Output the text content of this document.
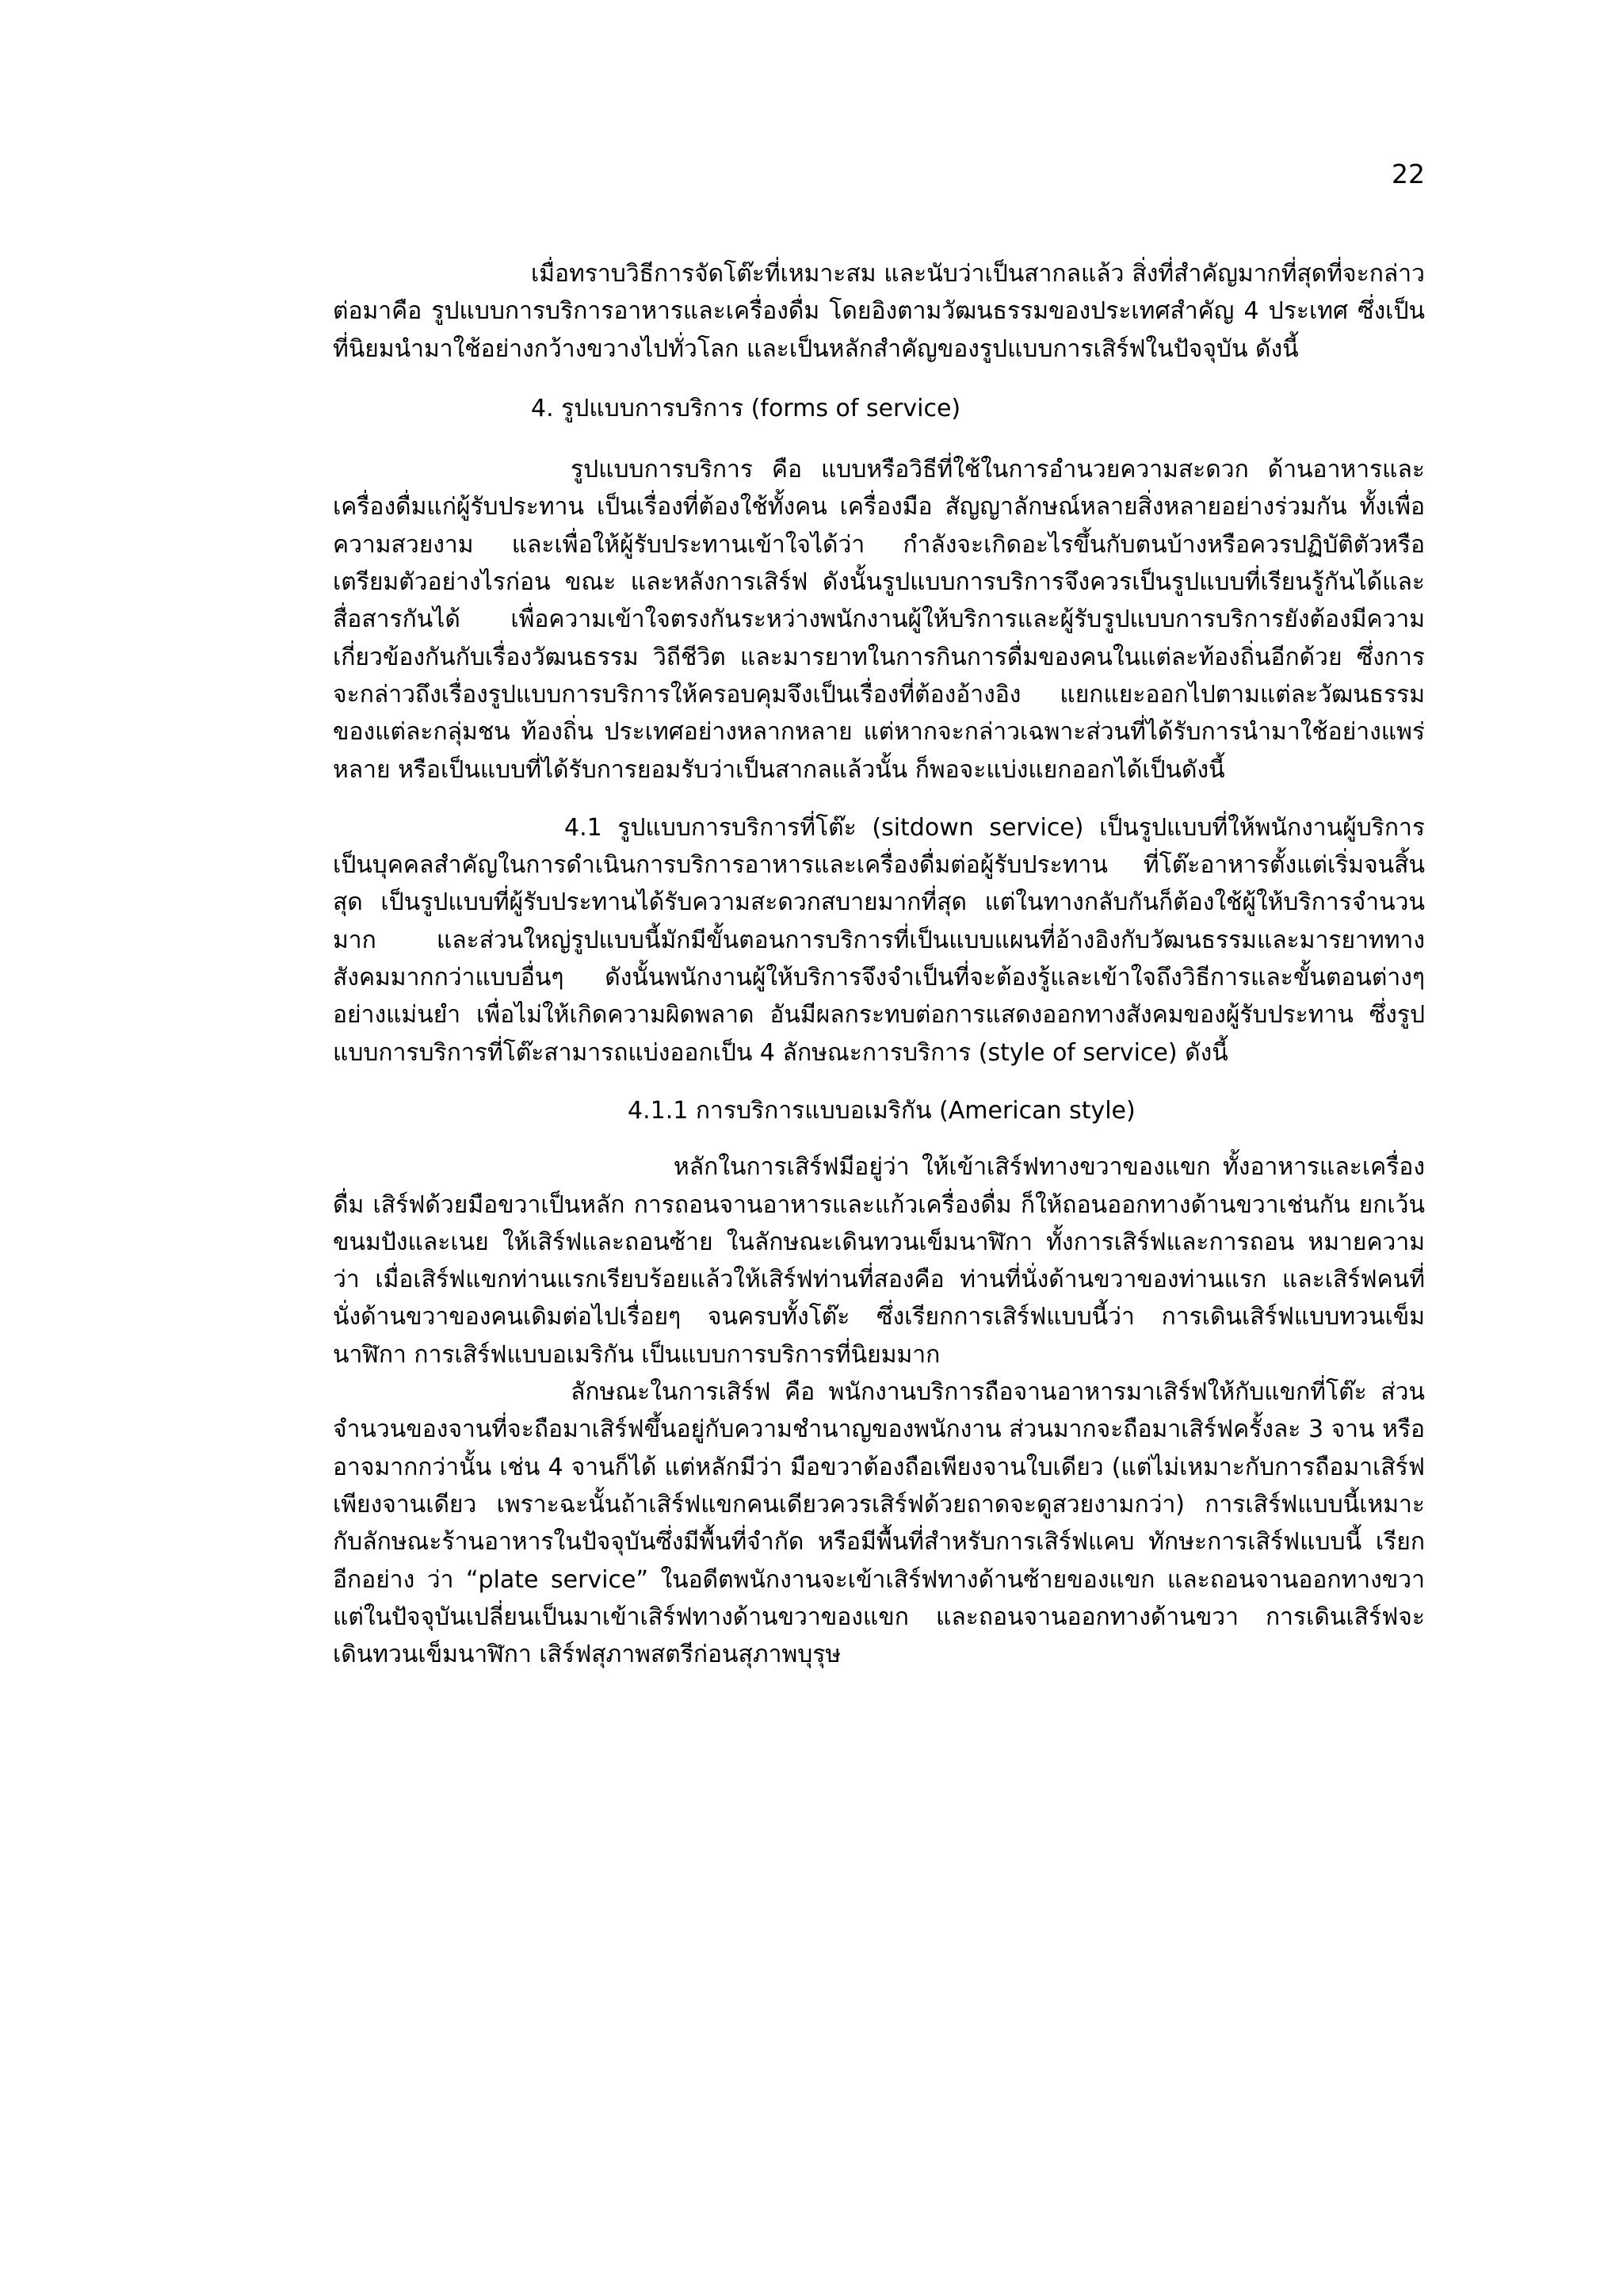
22

เมื่อทราบวิธีการจัดโต๊ะที่เหมาะสม และนับว่าเป็นสากลแล้ว สิ่งที่สำคัญมากที่สุดที่จะกล่าวต่อมาคือ รูปแบบการบริการอาหารและเครื่องดื่ม โดยอิงตามวัฒนธรรมของประเทศสำคัญ 4 ประเทศ ซึ่งเป็นที่นิยมนำมาใช้อย่างกว้างขวางไปทั่วโลก และเป็นหลักสำคัญของรูปแบบการเสิร์ฟในปัจจุบัน ดังนี้

4. รูปแบบการบริการ (forms of service)

รูปแบบการบริการ คือ แบบหรือวิธีที่ใช้ในการอำนวยความสะดวก ด้านอาหารและเครื่องดื่มแก่ผู้รับประทาน เป็นเรื่องที่ต้องใช้ทั้งคน เครื่องมือ สัญญาลักษณ์หลายสิ่งหลายอย่างร่วมกัน ทั้งเพื่อความสวยงาม และเพื่อให้ผู้รับประทานเข้าใจได้ว่า กำลังจะเกิดอะไรขึ้นกับตนบ้างหรือควรปฏิบัติตัวหรือเตรียมตัวอย่างไรก่อน ขณะ และหลังการเสิร์ฟ ดังนั้นรูปแบบการบริการจึงควรเป็นรูปแบบที่เรียนรู้กันได้และสื่อสารกันได้ เพื่อความเข้าใจตรงกันระหว่างพนักงานผู้ให้บริการและผู้รับรูปแบบการบริการยังต้องมีความเกี่ยวข้องกันกับเรื่องวัฒนธรรม วิถีชีวิต และมารยาทในการกินการดื่มของคนในแต่ละท้องถิ่นอีกด้วย ซึ่งการจะกล่าวถึงเรื่องรูปแบบการบริการให้ครอบคุมจึงเป็นเรื่องที่ต้องอ้างอิง แยกแยะออกไปตามแต่ละวัฒนธรรมของแต่ละกลุ่มชน ท้องถิ่น ประเทศอย่างหลากหลาย แต่หากจะกล่าวเฉพาะส่วนที่ได้รับการนำมาใช้อย่างแพร่หลาย หรือเป็นแบบที่ได้รับการยอมรับว่าเป็นสากลแล้วนั้น ก็พอจะแบ่งแยกออกได้เป็นดังนี้

4.1 รูปแบบการบริการที่โต๊ะ (sitdown service) เป็นรูปแบบที่ให้พนักงานผู้บริการเป็นบุคคลสำคัญในการดำเนินการบริการอาหารและเครื่องดื่มต่อผู้รับประทาน ที่โต๊ะอาหารตั้งแต่เริ่มจนสิ้นสุด เป็นรูปแบบที่ผู้รับประทานได้รับความสะดวกสบายมากที่สุด แต่ในทางกลับกันก็ต้องใช้ผู้ให้บริการจำนวนมาก และส่วนใหญ่รูปแบบนี้มักมีขั้นตอนการบริการที่เป็นแบบแผนที่อ้างอิงกับวัฒนธรรมและมารยาททางสังคมมากกว่าแบบอื่นๆ ดังนั้นพนักงานผู้ให้บริการจึงจำเป็นที่จะต้องรู้และเข้าใจถึงวิธีการและขั้นตอนต่างๆ อย่างแม่นยำ เพื่อไม่ให้เกิดความผิดพลาด อันมีผลกระทบต่อการแสดงออกทางสังคมของผู้รับประทาน ซึ่งรูปแบบการบริการที่โต๊ะสามารถแบ่งออกเป็น 4 ลักษณะการบริการ (style of service) ดังนี้

4.1.1 การบริการแบบอเมริกัน (American style)

หลักในการเสิร์ฟมีอยู่ว่า ให้เข้าเสิร์ฟทางขวาของแขก ทั้งอาหารและเครื่องดื่ม เสิร์ฟด้วยมือขวาเป็นหลัก การถอนจานอาหารและแก้วเครื่องดื่ม ก็ให้ถอนออกทางด้านขวาเช่นกัน ยกเว้นขนมปังและเนย ให้เสิร์ฟและถอนซ้าย ในลักษณะเดินทวนเข็มนาฬิกา ทั้งการเสิร์ฟและการถอน หมายความว่า เมื่อเสิร์ฟแขกท่านแรกเรียบร้อยแล้วให้เสิร์ฟท่านที่สองคือ ท่านที่นั่งด้านขวาของท่านแรก และเสิร์ฟคนที่นั่งด้านขวาของคนเดิมต่อไปเรื่อยๆ จนครบทั้งโต๊ะ ซึ่งเรียกการเสิร์ฟแบบนี้ว่า การเดินเสิร์ฟแบบทวนเข็มนาฬิกา การเสิร์ฟแบบอเมริกัน เป็นแบบการบริการที่นิยมมาก

ลักษณะในการเสิร์ฟ คือ พนักงานบริการถือจานอาหารมาเสิร์ฟให้กับแขกที่โต๊ะ ส่วนจำนวนของจานที่จะถือมาเสิร์ฟขึ้นอยู่กับความชำนาญของพนักงาน ส่วนมากจะถือมาเสิร์ฟครั้งละ 3 จาน หรืออาจมากกว่านั้น เช่น 4 จานก็ได้ แต่หลักมีว่า มือขวาต้องถือเพียงจานใบเดียว (แต่ไม่เหมาะกับการถือมาเสิร์ฟเพียงจานเดียว เพราะฉะนั้นถ้าเสิร์ฟแขกคนเดียวควรเสิร์ฟด้วยถาดจะดูสวยงามกว่า) การเสิร์ฟแบบนี้เหมาะกับลักษณะร้านอาหารในปัจจุบันซึ่งมีพื้นที่จำกัด หรือมีพื้นที่สำหรับการเสิร์ฟแคบ ทักษะการเสิร์ฟแบบนี้ เรียกอีกอย่าง ว่า “plate service” ในอดีตพนักงานจะเข้าเสิร์ฟทางด้านซ้ายของแขก และถอนจานออกทางขวา แต่ในปัจจุบันเปลี่ยนเป็นมาเข้าเสิร์ฟทางด้านขวาของแขก และถอนจานออกทางด้านขวา การเดินเสิร์ฟจะเดินทวนเข็มนาฬิกา เสิร์ฟสุภาพสตรีก่อนสุภาพบุรุษ
